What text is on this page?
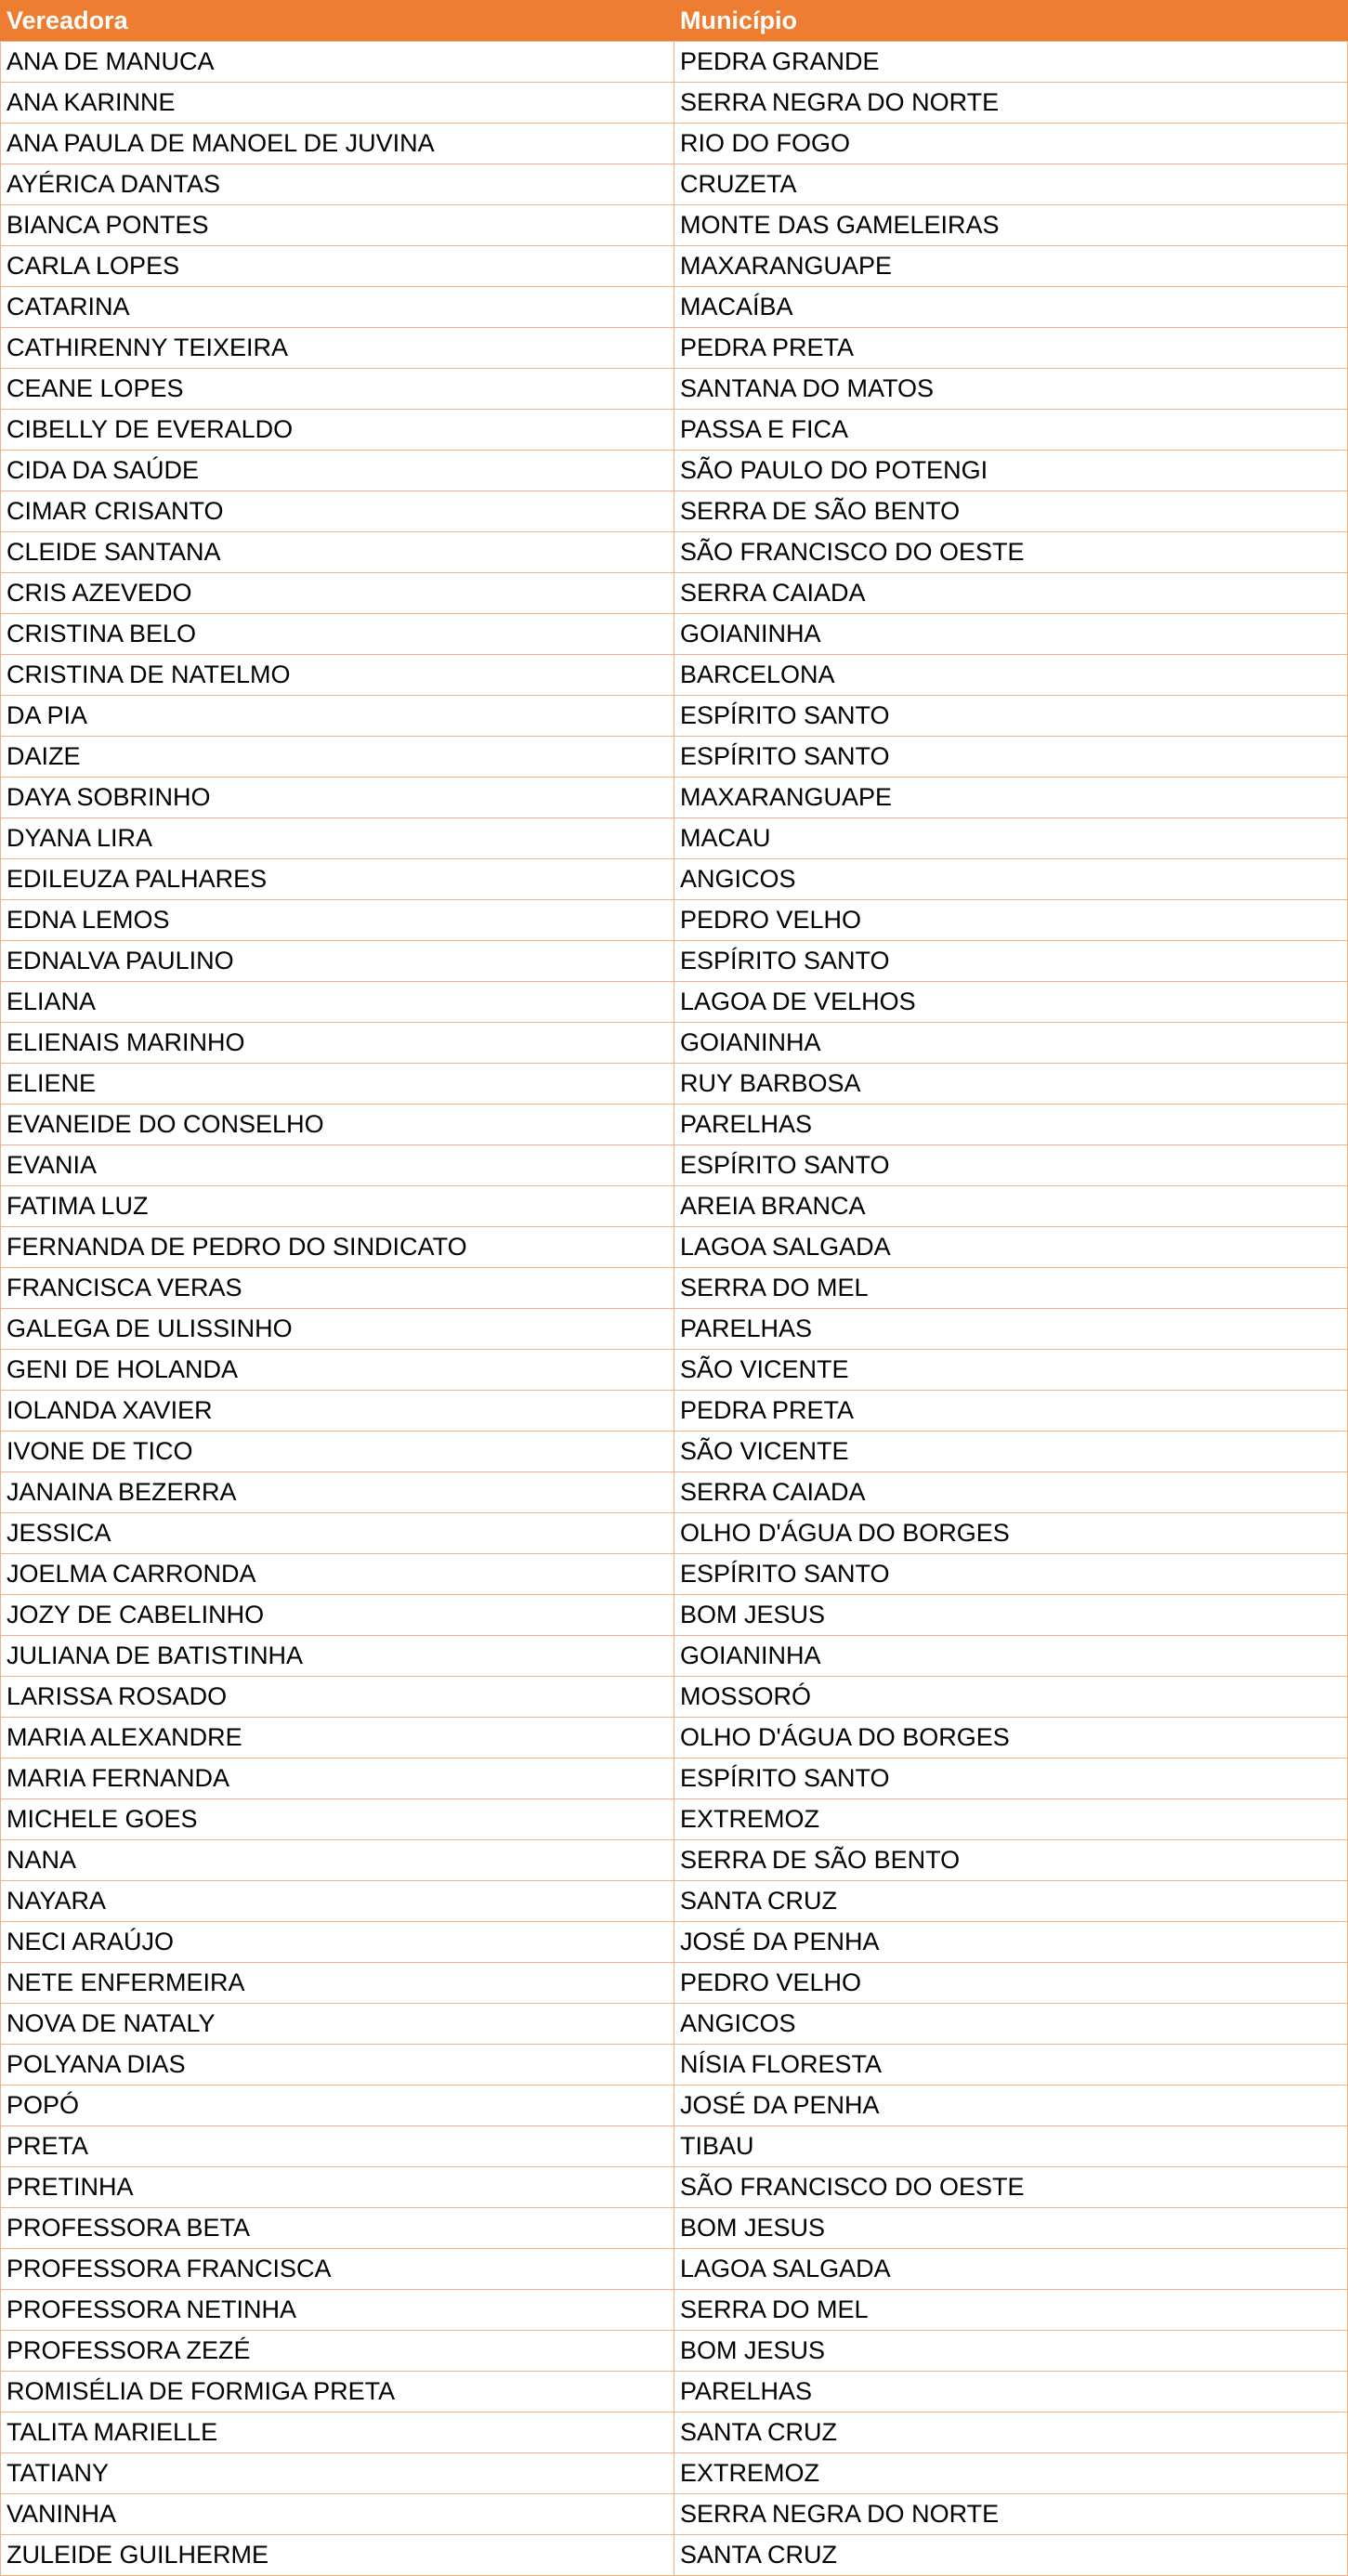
Vereadora	Município
ANA DE MANUCA	PEDRA GRANDE
ANA KARINNE	SERRA NEGRA DO NORTE
ANA PAULA DE MANOEL DE JUVINA	RIO DO FOGO
AYÉRICA DANTAS	CRUZETA
BIANCA PONTES	MONTE DAS GAMELEIRAS
CARLA LOPES	MAXARANGUAPE
CATARINA	MACAÍBA
CATHIRENNY TEIXEIRA	PEDRA PRETA
CEANE LOPES	SANTANA DO MATOS
CIBELLY DE EVERALDO	PASSA E FICA
CIDA DA SAÚDE	SÃO PAULO DO POTENGI
CIMAR CRISANTO	SERRA DE SÃO BENTO
CLEIDE SANTANA	SÃO FRANCISCO DO OESTE
CRIS AZEVEDO	SERRA CAIADA
CRISTINA BELO	GOIANINHA
CRISTINA DE NATELMO	BARCELONA
DA PIA	ESPÍRITO SANTO
DAIZE	ESPÍRITO SANTO
DAYA SOBRINHO	MAXARANGUAPE
DYANA LIRA	MACAU
EDILEUZA PALHARES	ANGICOS
EDNA LEMOS	PEDRO VELHO
EDNALVA PAULINO	ESPÍRITO SANTO
ELIANA	LAGOA DE VELHOS
ELIENAIS MARINHO	GOIANINHA
ELIENE	RUY BARBOSA
EVANEIDE DO CONSELHO	PARELHAS
EVANIA	ESPÍRITO SANTO
FATIMA LUZ	AREIA BRANCA
FERNANDA DE PEDRO DO SINDICATO	LAGOA SALGADA
FRANCISCA VERAS	SERRA DO MEL
GALEGA DE ULISSINHO	PARELHAS
GENI DE HOLANDA	SÃO VICENTE
IOLANDA XAVIER	PEDRA PRETA
IVONE DE TICO	SÃO VICENTE
JANAINA BEZERRA	SERRA CAIADA
JESSICA	OLHO D'ÁGUA DO BORGES
JOELMA CARRONDA	ESPÍRITO SANTO
JOZY DE CABELINHO	BOM JESUS
JULIANA DE BATISTINHA	GOIANINHA
LARISSA ROSADO	MOSSORÓ
MARIA ALEXANDRE	OLHO D'ÁGUA DO BORGES
MARIA FERNANDA	ESPÍRITO SANTO
MICHELE GOES	EXTREMOZ
NANA	SERRA DE SÃO BENTO
NAYARA	SANTA CRUZ
NECI ARAÚJO	JOSÉ DA PENHA
NETE ENFERMEIRA	PEDRO VELHO
NOVA DE NATALY	ANGICOS
POLYANA DIAS	NÍSIA FLORESTA
POPÓ	JOSÉ DA PENHA
PRETA	TIBAU
PRETINHA	SÃO FRANCISCO DO OESTE
PROFESSORA BETA	BOM JESUS
PROFESSORA FRANCISCA	LAGOA SALGADA
PROFESSORA NETINHA	SERRA DO MEL
PROFESSORA ZEZÉ	BOM JESUS
ROMISÉLIA DE FORMIGA PRETA	PARELHAS
TALITA MARIELLE	SANTA CRUZ
TATIANY	EXTREMOZ
VANINHA	SERRA NEGRA DO NORTE
ZULEIDE GUILHERME	SANTA CRUZ
